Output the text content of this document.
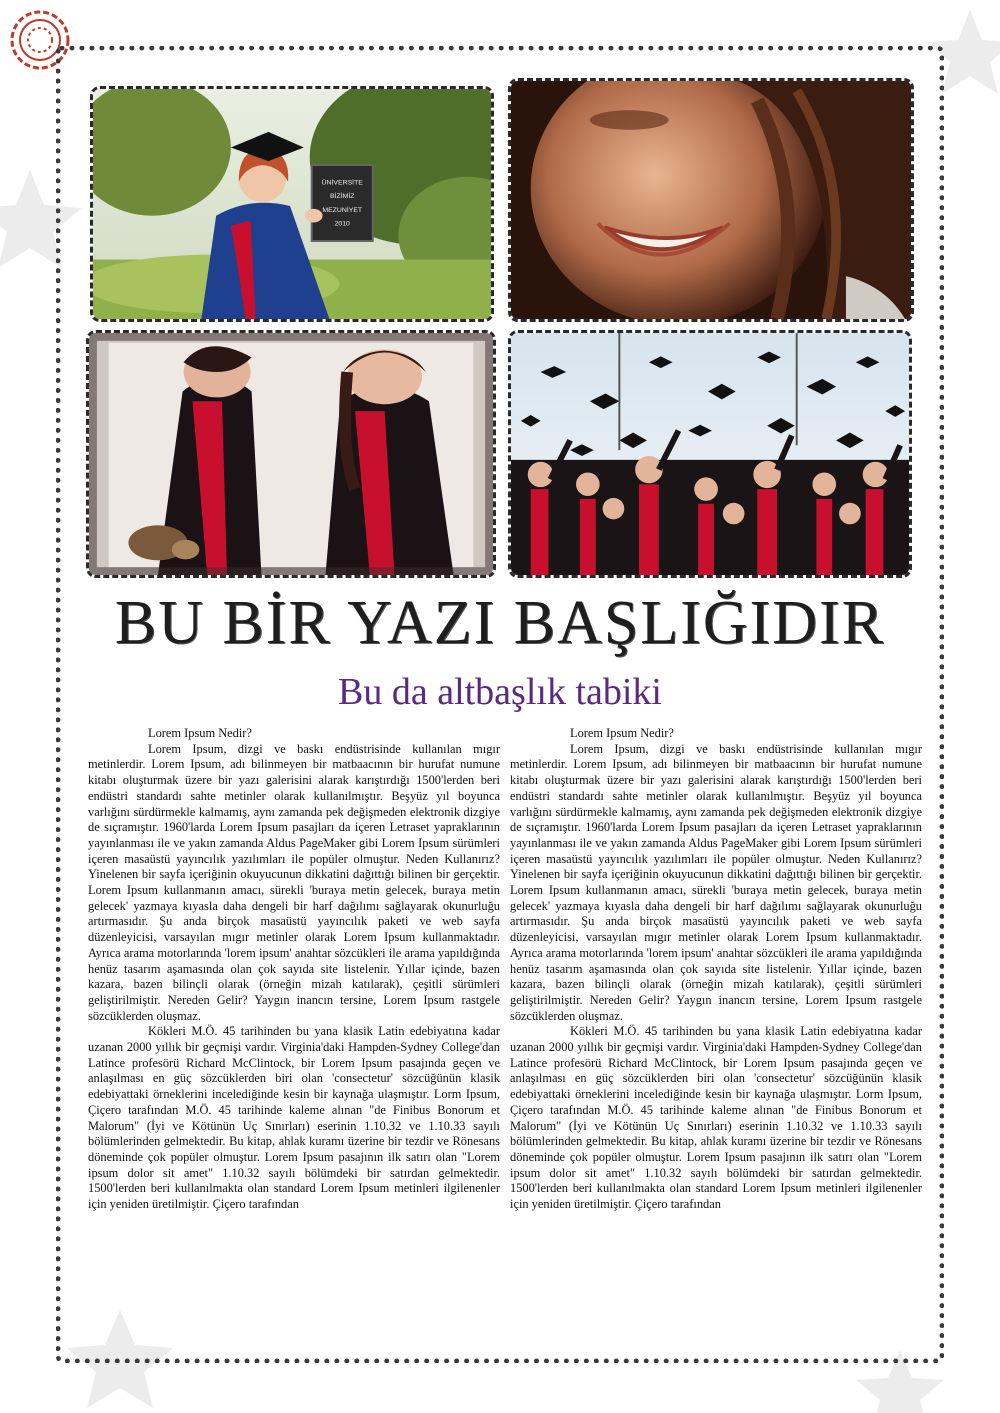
ÜNİVERSİTE
BİZİMİZ
MEZUNİYET
2010
BU BİR YAZI BAŞLIĞIDIR
Bu da altbaşlık tabiki

Lorem Ipsum Nedir?

Lorem Ipsum, dizgi ve baskı endüstrisinde kullanılan mıgır metinlerdir. Lorem Ipsum, adı bilinmeyen bir matbaacının bir hurufat numune kitabı oluşturmak üzere bir yazı galerisini alarak karıştırdığı 1500'lerden beri endüstri standardı sahte metinler olarak kullanılmıştır. Beşyüz yıl boyunca varlığını sürdürmekle kalmamış, aynı zamanda pek değişmeden elektronik dizgiye de sıçramıştır. 1960'larda Lorem Ipsum pasajları da içeren Letraset yapraklarının yayınlanması ile ve yakın zamanda Aldus PageMaker gibi Lorem Ipsum sürümleri içeren masaüstü yayıncılık yazılımları ile popüler olmuştur. Neden Kullanırız? Yinelenen bir sayfa içeriğinin okuyucunun dikkatini dağıttığı bilinen bir gerçektir. Lorem Ipsum kullanmanın amacı, sürekli 'buraya metin gelecek, buraya metin gelecek' yazmaya kıyasla daha dengeli bir harf dağılımı sağlayarak okunurluğu artırmasıdır. Şu anda birçok masaüstü yayıncılık paketi ve web sayfa düzenleyicisi, varsayılan mıgır metinler olarak Lorem Ipsum kullanmaktadır. Ayrıca arama motorlarında 'lorem ipsum' anahtar sözcükleri ile arama yapıldığında henüz tasarım aşamasında olan çok sayıda site listelenir. Yıllar içinde, bazen kazara, bazen bilinçli olarak (örneğin mizah katılarak), çeşitli sürümleri geliştirilmiştir. Nereden Gelir? Yaygın inancın tersine, Lorem Ipsum rastgele sözcüklerden oluşmaz.

Kökleri M.Ö. 45 tarihinden bu yana klasik Latin edebiyatına kadar uzanan 2000 yıllık bir geçmişi vardır. Virginia'daki Hampden-Sydney College'dan Latince profesörü Richard McClintock, bir Lorem Ipsum pasajında geçen ve anlaşılması en güç sözcüklerden biri olan 'consectetur' sözcüğünün klasik edebiyattaki örneklerini incelediğinde kesin bir kaynağa ulaşmıştır. Lorm Ipsum, Çiçero tarafından M.Ö. 45 tarihinde kaleme alınan "de Finibus Bonorum et Malorum" (İyi ve Kötünün Uç Sınırları) eserinin 1.10.32 ve 1.10.33 sayılı bölümlerinden gelmektedir. Bu kitap, ahlak kuramı üzerine bir tezdir ve Rönesans döneminde çok popüler olmuştur. Lorem Ipsum pasajının ilk satırı olan "Lorem ipsum dolor sit amet" 1.10.32 sayılı bölümdeki bir satırdan gelmektedir. 1500'lerden beri kullanılmakta olan standard Lorem Ipsum metinleri ilgilenenler için yeniden üretilmiştir. Çiçero tarafından

Lorem Ipsum Nedir?

Lorem Ipsum, dizgi ve baskı endüstrisinde kullanılan mıgır metinlerdir. Lorem Ipsum, adı bilinmeyen bir matbaacının bir hurufat numune kitabı oluşturmak üzere bir yazı galerisini alarak karıştırdığı 1500'lerden beri endüstri standardı sahte metinler olarak kullanılmıştır. Beşyüz yıl boyunca varlığını sürdürmekle kalmamış, aynı zamanda pek değişmeden elektronik dizgiye de sıçramıştır. 1960'larda Lorem Ipsum pasajları da içeren Letraset yapraklarının yayınlanması ile ve yakın zamanda Aldus PageMaker gibi Lorem Ipsum sürümleri içeren masaüstü yayıncılık yazılımları ile popüler olmuştur. Neden Kullanırız? Yinelenen bir sayfa içeriğinin okuyucunun dikkatini dağıttığı bilinen bir gerçektir. Lorem Ipsum kullanmanın amacı, sürekli 'buraya metin gelecek, buraya metin gelecek' yazmaya kıyasla daha dengeli bir harf dağılımı sağlayarak okunurluğu artırmasıdır. Şu anda birçok masaüstü yayıncılık paketi ve web sayfa düzenleyicisi, varsayılan mıgır metinler olarak Lorem Ipsum kullanmaktadır. Ayrıca arama motorlarında 'lorem ipsum' anahtar sözcükleri ile arama yapıldığında henüz tasarım aşamasında olan çok sayıda site listelenir. Yıllar içinde, bazen kazara, bazen bilinçli olarak (örneğin mizah katılarak), çeşitli sürümleri geliştirilmiştir. Nereden Gelir? Yaygın inancın tersine, Lorem Ipsum rastgele sözcüklerden oluşmaz.

Kökleri M.Ö. 45 tarihinden bu yana klasik Latin edebiyatına kadar uzanan 2000 yıllık bir geçmişi vardır. Virginia'daki Hampden-Sydney College'dan Latince profesörü Richard McClintock, bir Lorem Ipsum pasajında geçen ve anlaşılması en güç sözcüklerden biri olan 'consectetur' sözcüğünün klasik edebiyattaki örneklerini incelediğinde kesin bir kaynağa ulaşmıştır. Lorm Ipsum, Çiçero tarafından M.Ö. 45 tarihinde kaleme alınan "de Finibus Bonorum et Malorum" (İyi ve Kötünün Uç Sınırları) eserinin 1.10.32 ve 1.10.33 sayılı bölümlerinden gelmektedir. Bu kitap, ahlak kuramı üzerine bir tezdir ve Rönesans döneminde çok popüler olmuştur. Lorem Ipsum pasajının ilk satırı olan "Lorem ipsum dolor sit amet" 1.10.32 sayılı bölümdeki bir satırdan gelmektedir. 1500'lerden beri kullanılmakta olan standard Lorem Ipsum metinleri ilgilenenler için yeniden üretilmiştir. Çiçero tarafından
